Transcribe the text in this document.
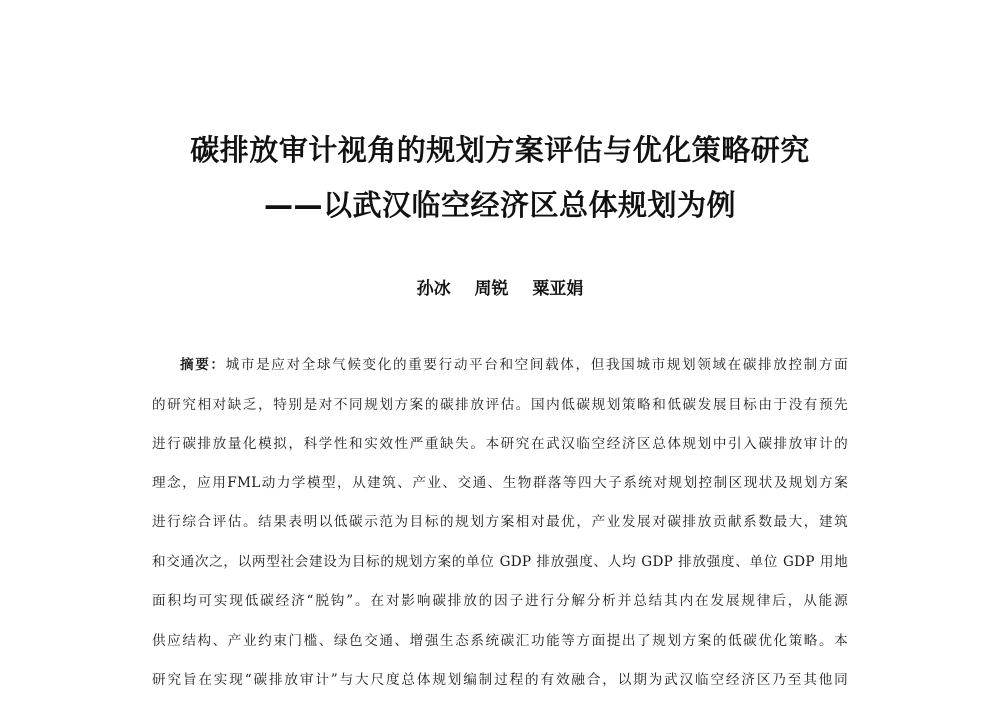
碳排放审计视角的规划方案评估与优化策略研究
——以武汉临空经济区总体规划为例
孙冰 周锐 粟亚娟
摘要：城市是应对全球气候变化的重要行动平台和空间载体，但我国城市规划领域在碳排放控制方面
的研究相对缺乏，特别是对不同规划方案的碳排放评估。国内低碳规划策略和低碳发展目标由于没有预先
进行碳排放量化模拟，科学性和实效性严重缺失。本研究在武汉临空经济区总体规划中引入碳排放审计的
理念，应用FML动力学模型，从建筑、产业、交通、生物群落等四大子系统对规划控制区现状及规划方案
进行综合评估。结果表明以低碳示范为目标的规划方案相对最优，产业发展对碳排放贡献系数最大，建筑
和交通次之，以两型社会建设为目标的规划方案的单位 GDP 排放强度、人均 GDP 排放强度、单位 GDP 用地
面积均可实现低碳经济“脱钩”。在对影响碳排放的因子进行分解分析并总结其内在发展规律后，从能源
供应结构、产业约束门槛、绿色交通、增强生态系统碳汇功能等方面提出了规划方案的低碳优化策略。本
研究旨在实现“碳排放审计”与大尺度总体规划编制过程的有效融合，以期为武汉临空经济区乃至其他同
